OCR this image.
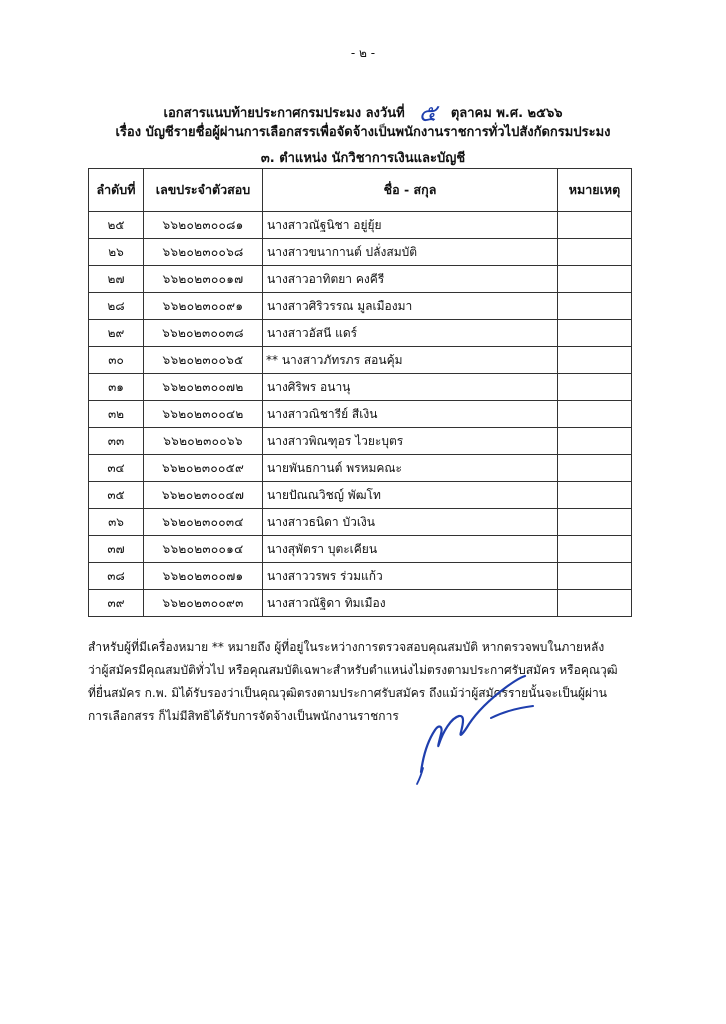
- ๒ -
เอกสารแนบท้ายประกาศกรมประมง ลงวันที่ ๕ ตุลาคม พ.ศ. ๒๕๖๖
เรื่อง บัญชีรายชื่อผู้ผ่านการเลือกสรรเพื่อจัดจ้างเป็นพนักงานราชการทั่วไปสังกัดกรมประมง
๓. ตำแหน่ง นักวิชาการเงินและบัญชี
ลำดับที่	เลขประจำตัวสอบ	ชื่อ - สกุล	หมายเหตุ
๒๕	๖๖๒๐๒๓๐๐๘๑	นางสาวณัฐนิชา อยู่ยุ้ย	
๒๖	๖๖๒๐๒๓๐๐๖๘	นางสาวขนากานต์ ปลั่งสมบัติ	
๒๗	๖๖๒๐๒๓๐๐๑๗	นางสาวอาทิตยา คงคีรี	
๒๘	๖๖๒๐๒๓๐๐๙๑	นางสาวศิริวรรณ มูลเมืองมา	
๒๙	๖๖๒๐๒๓๐๐๓๘	นางสาวอัสนี แดร์	
๓๐	๖๖๒๐๒๓๐๐๖๕	** นางสาวภัทรภร สอนคุ้ม	
๓๑	๖๖๒๐๒๓๐๐๗๒	นางศิริพร อนานุ	
๓๒	๖๖๒๐๒๓๐๐๔๒	นางสาวณิชารีย์ สีเงิน	
๓๓	๖๖๒๐๒๓๐๐๖๖	นางสาวพิณฑุอร ไวยะบุตร	
๓๔	๖๖๒๐๒๓๐๐๕๙	นายพันธกานต์ พรหมคณะ	
๓๕	๖๖๒๐๒๓๐๐๔๗	นายปัณณวิชญ์ พัฒโท	
๓๖	๖๖๒๐๒๓๐๐๓๔	นางสาวธนิดา บัวเงิน	
๓๗	๖๖๒๐๒๓๐๐๑๔	นางสุพัตรา บุตะเคียน	
๓๘	๖๖๒๐๒๓๐๐๗๑	นางสาววรพร ร่วมแก้ว	
๓๙	๖๖๒๐๒๓๐๐๙๓	นางสาวณัฐิดา ทิมเมือง	

สำหรับผู้ที่มีเครื่องหมาย ** หมายถึง ผู้ที่อยู่ในระหว่างการตรวจสอบคุณสมบัติ หากตรวจพบในภายหลัง

ว่าผู้สมัครมีคุณสมบัติทั่วไป หรือคุณสมบัติเฉพาะสำหรับตำแหน่งไม่ตรงตามประกาศรับสมัคร หรือคุณวุฒิ

ที่ยื่นสมัคร ก.พ. มิได้รับรองว่าเป็นคุณวุฒิตรงตามประกาศรับสมัคร ถึงแม้ว่าผู้สมัครรายนั้นจะเป็นผู้ผ่าน

การเลือกสรร ก็ไม่มีสิทธิได้รับการจัดจ้างเป็นพนักงานราชการ
